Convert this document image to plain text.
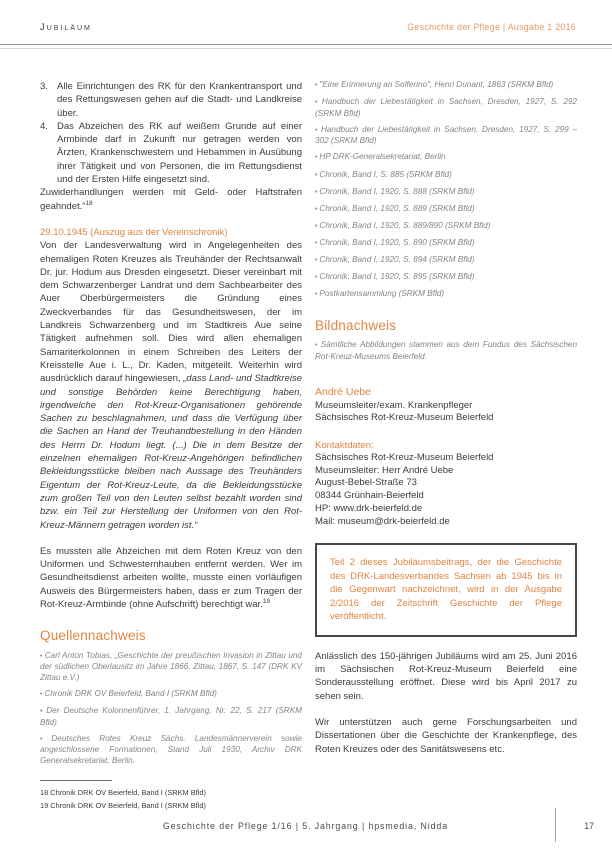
Jubiläum	Geschichte der Pflege | Ausgabe 1 2016
3. Alle Einrichtungen des RK für den Krankentransport und des Rettungswesen gehen auf die Stadt- und Landkreise über.
4. Das Abzeichen des RK auf weißem Grunde auf einer Armbinde darf in Zukunft nur getragen werden von Ärzten, Krankenschwestern und Hebammen in Ausübung ihrer Tätigkeit und von Personen, die im Rettungsdienst und der Ersten Hilfe eingesetzt sind.

Zuwiderhandlungen werden mit Geld- oder Haftstrafen geahndet.“$^{18}$

29.10.1945 (Auszug aus der Vereinschronik)

Von der Landesverwaltung wird in Angelegenheiten des ehemaligen Roten Kreuzes als Treuhänder der Rechtsanwalt Dr. jur. Hodum aus Dresden eingesetzt. Dieser vereinbart mit dem Schwarzenberger Landrat und dem Sachbearbeiter des Auer Oberbürgermeisters die Gründung eines Zweckverbandes für das Gesundheitswesen, der im Landkreis Schwarzenberg und im Stadtkreis Aue seine Tätigkeit aufnehmen soll. Dies wird allen ehemaligen Samariterkolonnen in einem Schreiben des Leiters der Kreisstelle Aue i. L., Dr. Kaden, mitgeteilt. Weiterhin wird ausdrücklich darauf hingewiesen, „dass Land- und Stadtkreise und sonstige Behörden keine Berechtigung haben, irgendwelche den Rot-Kreuz-Organisationen gehörende Sachen zu beschlagnahmen, und dass die Verfügung über die Sachen an Hand der Treuhandbestellung in den Händen des Herrn Dr. Hodum liegt. (...) Die in dem Besitze der einzelnen ehemaligen Rot-Kreuz-Angehörigen befindlichen Bekleidungsstücke bleiben nach Aussage des Treuhänders Eigentum der Rot-Kreuz-Leute, da die Bekleidungsstücke zum großen Teil von den Leuten selbst bezahlt worden sind bzw. ein Teil zur Herstellung der Uniformen von den Rot-Kreuz-Männern getragen worden ist.“

Es mussten alle Abzeichen mit dem Roten Kreuz von den Uniformen und Schwesternhauben entfernt werden. Wer im Gesundheitsdienst arbeiten wollte, musste einen vorläufigen Ausweis des Bürgermeisters haben, dass er zum Tragen der Rot-Kreuz-Armbinde (ohne Aufschrift) berechtigt war.$^{19}$

Quellennachweis

• Carl Anton Tobias, „Geschichte der preußischen Invasion in Zittau und der südlichen Oberlausitz im Jahre 1866, Zittau, 1867, S. 147 (DRK KV Zittau e.V.)

• Chronik DRK OV Beierfeld, Band I (SRKM Bfld)

• Der Deutsche Kolonnenführer, 1. Jahrgang, Nr. 22, S. 217 (SRKM Bfld)

• Deutsches Rotes Kreuz Sächs. Landesmännerverein sowie angeschlossene Formationen, Stand Juli 1930, Archiv DRK Generalsekretariat, Berlin.

18 Chronik DRK OV Beierfeld, Band I (SRKM Bfld)

19 Chronik DRK OV Beierfeld, Band I (SRKM Bfld)

• "Eine Erinnerung an Solferino", Henri Dunant, 1863 (SRKM Bfld)

• Handbuch der Liebestätigkeit in Sachsen, Dresden, 1927, S. 292 (SRKM Bfld)

• Handbuch der Liebestätigkeit in Sachsen, Dresden, 1927, S. 299 – 302 (SRKM Bfld)

• HP DRK-Generalsekretariat, Berlin

• Chronik, Band I, S. 885 (SRKM Bfld)

• Chronik, Band I, 1920, S. 888 (SRKM Bfld)

• Chronik, Band I, 1920, S. 889 (SRKM Bfld)

• Chronik, Band I, 1920, S. 889/890 (SRKM Bfld)

• Chronik, Band I, 1920, S. 890 (SRKM Bfld)

• Chronik, Band I, 1920, S. 894 (SRKM Bfld)

• Chronik, Band I, 1920, S. 895 (SRKM Bfld)

• Postkartensammlung (SRKM Bfld)

Bildnachweis

• Sämtliche Abbildungen stammen aus dem Fundus des Sächsischen Rot-Kreuz-Museums Beierfeld.

André Uebe

Museumsleiter/exam. Krankenpfleger

Sächsisches Rot-Kreuz-Museum Beierfeld

Kontaktdaten:

Sächsisches Rot-Kreuz-Museum Beierfeld

Museumsleiter: Herr André Uebe

August-Bebel-Straße 73

08344 Grünhain-Beierfeld

HP: www.drk-beierfeld.de

Mail: museum@drk-beierfeld.de

Teil 2 dieses Jubiläumsbeitrags, der die Geschichte des DRK-Landesverbandes Sachsen ab 1945 bis in die Gegenwart nachzeichnet, wird in der Ausgabe 2/2016 der Zeitschrift Geschichte der Pflege veröffentlicht.

Anlässlich des 150-jährigen Jubiläums wird am 25. Juni 2016 im Sächsischen Rot-Kreuz-Museum Beierfeld eine Sonderausstellung eröffnet. Diese wird bis April 2017 zu sehen sein.

Wir unterstützen auch gerne Forschungsarbeiten und Dissertationen über die Geschichte der Krankenpflege, des Roten Kreuzes oder des Sanitätswesens etc.

Geschichte der Pflege 1/16 | 5. Jahrgang | hpsmedia, Nidda	17
